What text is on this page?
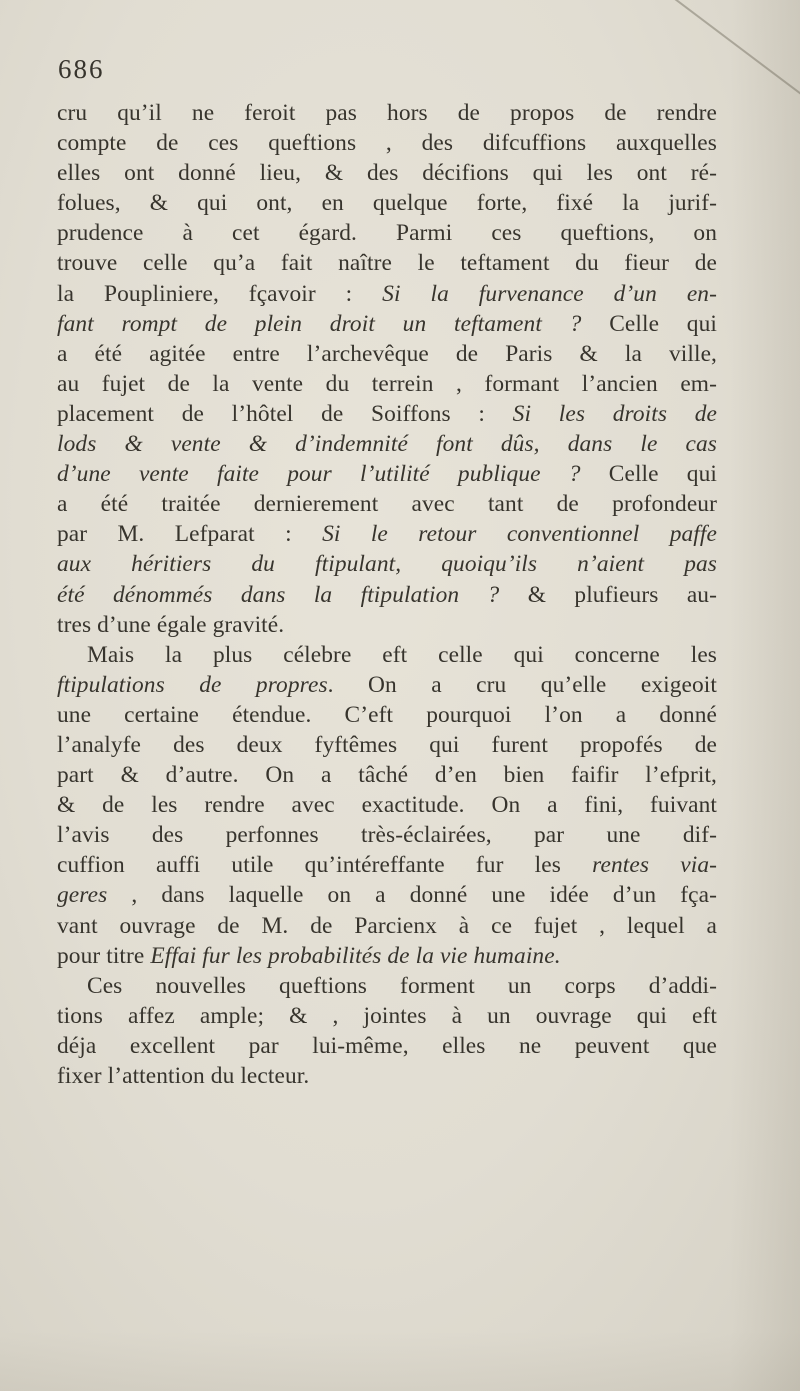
686
cru qu’il ne feroit pas hors de propos de rendre
compte de ces queftions , des difcuffions auxquelles
elles ont donné lieu, & des décifions qui les ont ré-
folues, & qui ont, en quelque forte, fixé la jurif-
prudence à cet égard. Parmi ces queftions, on
trouve celle qu’a fait naître le teftament du fieur de
la Poupliniere, fçavoir : Si la furvenance d’un en-
fant rompt de plein droit un teftament ? Celle qui
a été agitée entre l’archevêque de Paris & la ville,
au fujet de la vente du terrein , formant l’ancien em-
placement de l’hôtel de Soiffons : Si les droits de
lods & vente & d’indemnité font dûs, dans le cas
d’une vente faite pour l’utilité publique ? Celle qui
a été traitée dernierement avec tant de profondeur
par M. Lefparat : Si le retour conventionnel paffe
aux héritiers du ftipulant, quoiqu’ils n’aient pas
été dénommés dans la ftipulation ? & plufieurs au-
tres d’une égale gravité.
Mais la plus célebre eft celle qui concerne les
ftipulations de propres. On a cru qu’elle exigeoit
une certaine étendue. C’eft pourquoi l’on a donné
l’analyfe des deux fyftêmes qui furent propofés de
part & d’autre. On a tâché d’en bien faifir l’efprit,
& de les rendre avec exactitude. On a fini, fuivant
l’avis des perfonnes très-éclairées, par une dif-
cuffion auffi utile qu’intéreffante fur les rentes via-
geres , dans laquelle on a donné une idée d’un fça-
vant ouvrage de M. de Parcienx à ce fujet , lequel a
pour titre Effai fur les probabilités de la vie humaine.
Ces nouvelles queftions forment un corps d’addi-
tions affez ample; & , jointes à un ouvrage qui eft
déja excellent par lui-même, elles ne peuvent que
fixer l’attention du lecteur.
